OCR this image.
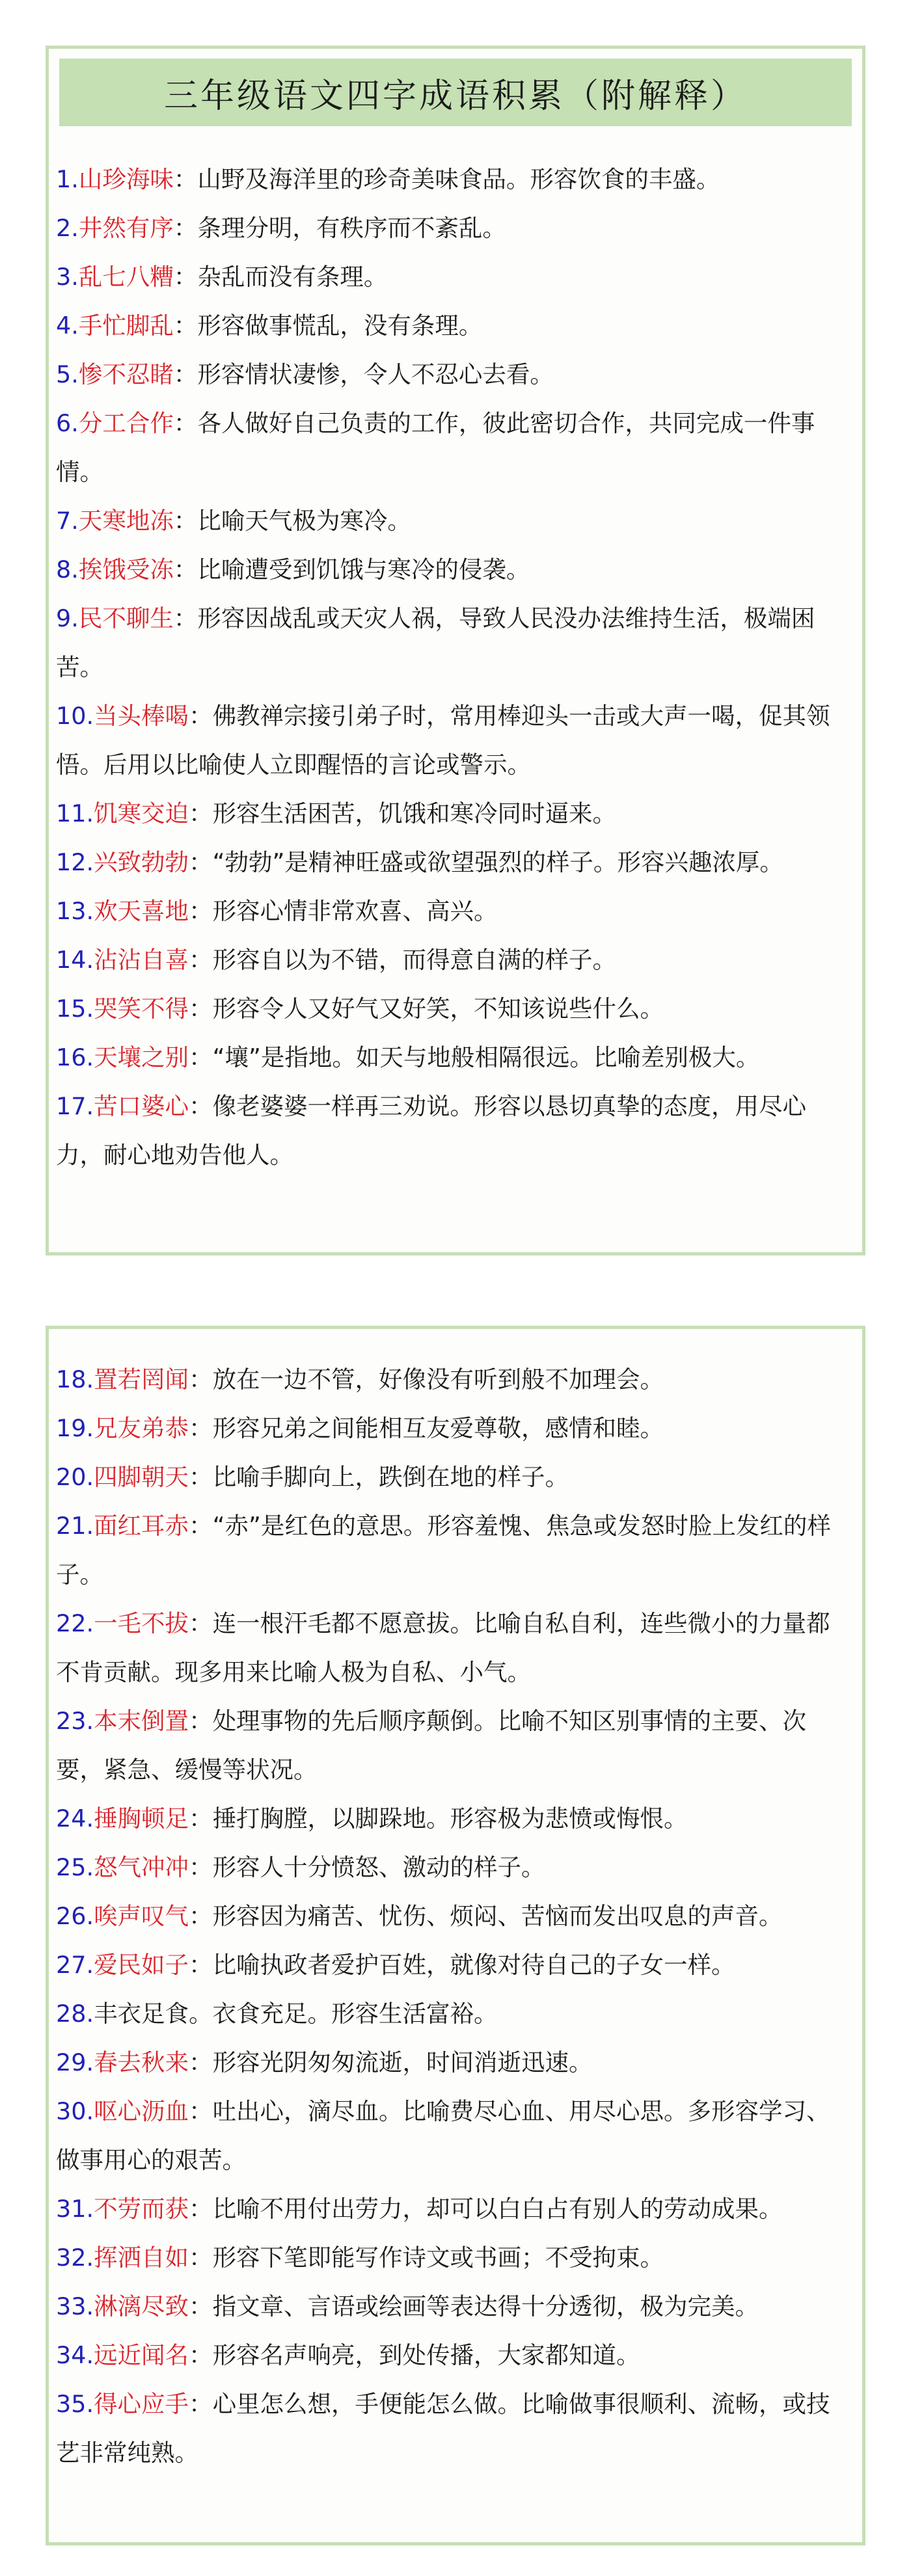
三年级语文四字成语积累（附解释）

1.山珍海味：山野及海洋里的珍奇美味食品。形容饮食的丰盛。

2.井然有序：条理分明，有秩序而不紊乱。

3.乱七八糟：杂乱而没有条理。

4.手忙脚乱：形容做事慌乱，没有条理。

5.惨不忍睹：形容情状凄惨，令人不忍心去看。

6.分工合作：各人做好自己负责的工作，彼此密切合作，共同完成一件事情。

7.天寒地冻：比喻天气极为寒冷。

8.挨饿受冻：比喻遭受到饥饿与寒冷的侵袭。

9.民不聊生：形容因战乱或天灾人祸，导致人民没办法维持生活，极端困苦。

10.当头棒喝：佛教禅宗接引弟子时，常用棒迎头一击或大声一喝，促其领悟。后用以比喻使人立即醒悟的言论或警示。

11.饥寒交迫：形容生活困苦，饥饿和寒冷同时逼来。

12.兴致勃勃：“勃勃”是精神旺盛或欲望强烈的样子。形容兴趣浓厚。

13.欢天喜地：形容心情非常欢喜、高兴。

14.沾沾自喜：形容自以为不错，而得意自满的样子。

15.哭笑不得：形容令人又好气又好笑，不知该说些什么。

16.天壤之别：“壤”是指地。如天与地般相隔很远。比喻差别极大。

17.苦口婆心：像老婆婆一样再三劝说。形容以恳切真挚的态度，用尽心力，耐心地劝告他人。

18.置若罔闻：放在一边不管，好像没有听到般不加理会。

19.兄友弟恭：形容兄弟之间能相互友爱尊敬，感情和睦。

20.四脚朝天：比喻手脚向上，跌倒在地的样子。

21.面红耳赤：“赤”是红色的意思。形容羞愧、焦急或发怒时脸上发红的样子。

22.一毛不拔：连一根汗毛都不愿意拔。比喻自私自利，连些微小的力量都不肯贡献。现多用来比喻人极为自私、小气。

23.本末倒置：处理事物的先后顺序颠倒。比喻不知区别事情的主要、次要，紧急、缓慢等状况。

24.捶胸顿足：捶打胸膛，以脚跺地。形容极为悲愤或悔恨。

25.怒气冲冲：形容人十分愤怒、激动的样子。

26.唉声叹气：形容因为痛苦、忧伤、烦闷、苦恼而发出叹息的声音。

27.爱民如子：比喻执政者爱护百姓，就像对待自己的子女一样。

28.丰衣足食。衣食充足。形容生活富裕。

29.春去秋来：形容光阴匆匆流逝，时间消逝迅速。

30.呕心沥血：吐出心，滴尽血。比喻费尽心血、用尽心思。多形容学习、做事用心的艰苦。

31.不劳而获：比喻不用付出劳力，却可以白白占有别人的劳动成果。

32.挥洒自如：形容下笔即能写作诗文或书画；不受拘束。

33.淋漓尽致：指文章、言语或绘画等表达得十分透彻，极为完美。

34.远近闻名：形容名声响亮，到处传播，大家都知道。

35.得心应手：心里怎么想，手便能怎么做。比喻做事很顺利、流畅，或技艺非常纯熟。
